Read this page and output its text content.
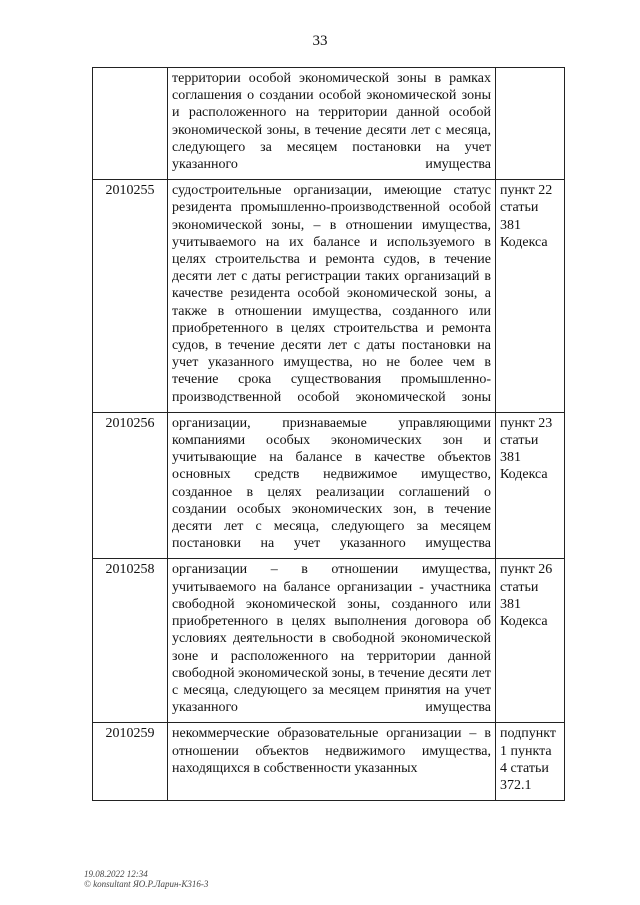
33
	территории особой экономической зоны в рамках соглашения о создании особой экономической зоны и расположенного на территории данной особой экономической зоны, в течение десяти лет с месяца, следующего за месяцем постановки на учет указанного имущества	
2010255	судостроительные организации, имеющие статус резидента промышленно-производственной особой экономической зоны, – в отношении имущества, учитываемого на их балансе и используемого в целях строительства и ремонта судов, в течение десяти лет с даты регистрации таких организаций в качестве резидента особой экономической зоны, а также в отношении имущества, созданного или приобретенного в целях строительства и ремонта судов, в течение десяти лет с даты постановки на учет указанного имущества, но не более чем в течение срока существования промышленно-производственной особой экономической зоны	пункт 22 статьи 381 Кодекса
2010256	организации, признаваемые управляющими компаниями особых экономических зон и учитывающие на балансе в качестве объектов основных средств недвижимое имущество, созданное в целях реализации соглашений о создании особых экономических зон, в течение десяти лет с месяца, следующего за месяцем постановки на учет указанного имущества	пункт 23 статьи 381 Кодекса
2010258	организации – в отношении имущества, учитываемого на балансе организации - участника свободной экономической зоны, созданного или приобретенного в целях выполнения договора об условиях деятельности в свободной экономической зоне и расположенного на территории данной свободной экономической зоны, в течение десяти лет с месяца, следующего за месяцем принятия на учет указанного имущества	пункт 26 статьи 381 Кодекса
2010259	некоммерческие образовательные организации – в отношении объектов недвижимого имущества, находящихся в собственности указанных	подпункт 1 пункта 4 статьи 372.1
19.08.2022 12:34
© konsultant ЯО.Р.Ларин-К316-3
